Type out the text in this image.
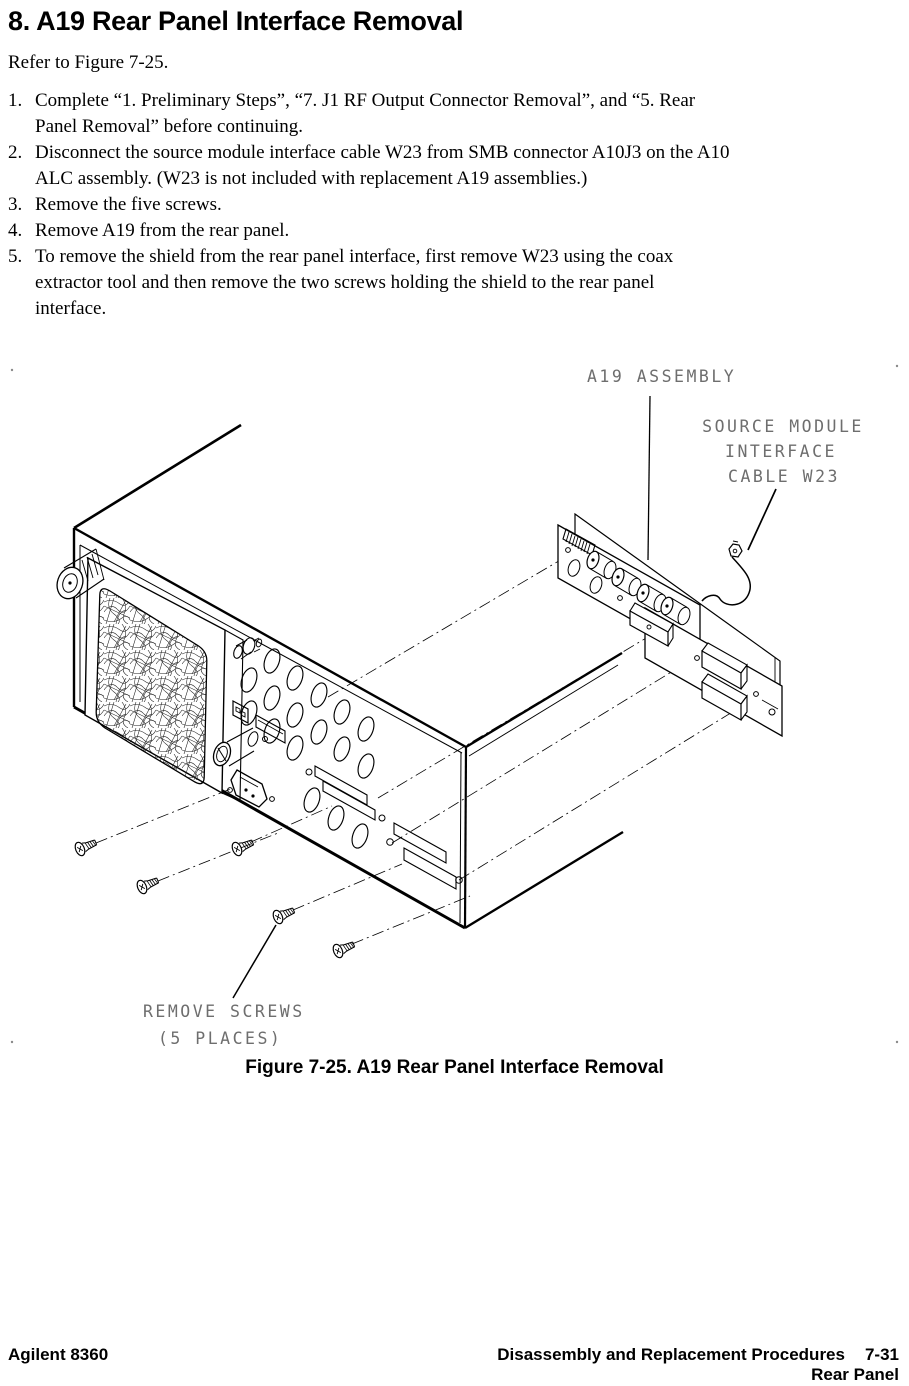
8. A19 Rear Panel Interface Removal
Refer to Figure 7-25.
1. Complete “1. Preliminary Steps”, “7. J1 RF Output Connector Removal”, and “5. Rear
Panel Removal” before continuing.
2. Disconnect the source module interface cable W23 from SMB connector A10J3 on the A10
ALC assembly. (W23 is not included with replacement A19 assemblies.)
3. Remove the five screws.
4. Remove A19 from the rear panel.
5. To remove the shield from the rear panel interface, first remove W23 using the coax
extractor tool and then remove the two screws holding the shield to the rear panel
interface.
A19 ASSEMBLY
SOURCE MODULE
INTERFACE
CABLE W23
REMOVE SCREWS
(5 PLACES)
Figure 7-25. A19 Rear Panel Interface Removal
Agilent 8360	Disassembly and Replacement Procedures 7-31
Rear Panel
